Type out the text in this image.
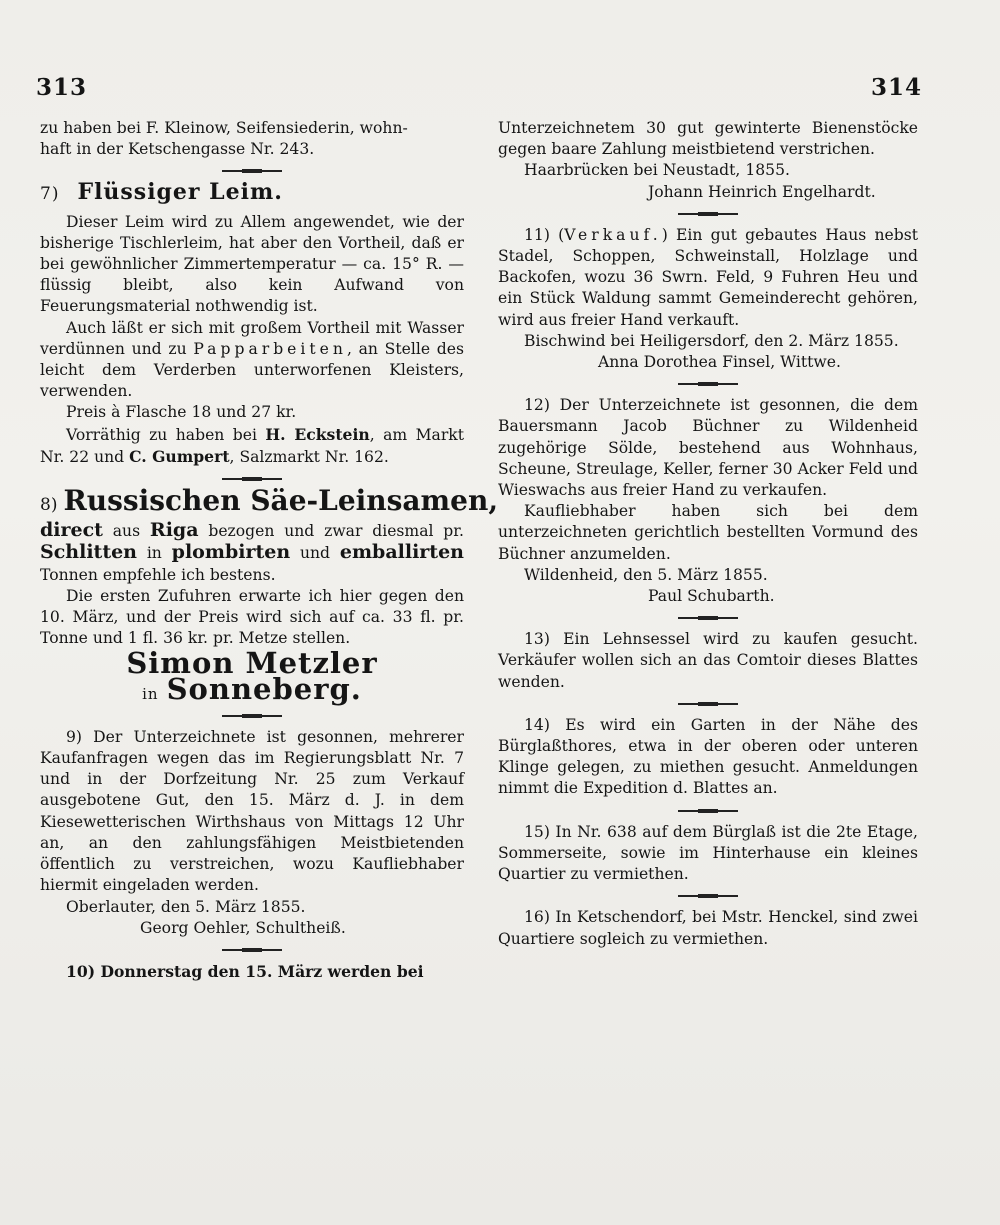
313	314

zu haben bei F. Kleinow, Seifensiederin, wohn-

haft in der Ketschengasse Nr. 243.

7) Flüssiger Leim.

Dieser Leim wird zu Allem angewendet, wie der bisherige Tischlerleim, hat aber den Vortheil, daß er bei gewöhnlicher Zimmertemperatur — ca. 15° R. — flüssig bleibt, also kein Aufwand von Feuerungsmaterial nothwendig ist.

Auch läßt er sich mit großem Vortheil mit Wasser verdünnen und zu Papparbeiten, an Stelle des leicht dem Verderben unterworfenen Kleisters, verwenden.

Preis à Flasche 18 und 27 kr.

Vorräthig zu haben bei H. Eckstein, am Markt Nr. 22 und C. Gumpert, Salzmarkt Nr. 162.

8) Russischen Säe-Leinsamen,

direct aus Riga bezogen und zwar diesmal pr. Schlitten in plombirten und emballirten Tonnen empfehle ich bestens.

Die ersten Zufuhren erwarte ich hier gegen den 10. März, und der Preis wird sich auf ca. 33 fl. pr. Tonne und 1 fl. 36 kr. pr. Metze stellen.

Simon Metzler
in Sonneberg.

9) Der Unterzeichnete ist gesonnen, mehrerer Kaufanfragen wegen das im Regierungsblatt Nr. 7 und in der Dorfzeitung Nr. 25 zum Verkauf ausgebotene Gut, den 15. März d. J. in dem Kiesewetterischen Wirthshaus von Mittags 12 Uhr an, an den zahlungsfähigen Meistbietenden öffentlich zu verstreichen, wozu Kaufliebhaber hiermit eingeladen werden.

Oberlauter, den 5. März 1855.

Georg Oehler, Schultheiß.

10) Donnerstag den 15. März werden bei

Unterzeichnetem 30 gut gewinterte Bienenstöcke gegen baare Zahlung meistbietend verstrichen.

Haarbrücken bei Neustadt, 1855.

Johann Heinrich Engelhardt.

11) (Verkauf.) Ein gut gebautes Haus nebst Stadel, Schoppen, Schweinstall, Holzlage und Backofen, wozu 36 Swrn. Feld, 9 Fuhren Heu und ein Stück Waldung sammt Gemeinderecht gehören, wird aus freier Hand verkauft.

Bischwind bei Heiligersdorf, den 2. März 1855.

Anna Dorothea Finsel, Wittwe.

12) Der Unterzeichnete ist gesonnen, die dem Bauersmann Jacob Büchner zu Wildenheid zugehörige Sölde, bestehend aus Wohnhaus, Scheune, Streulage, Keller, ferner 30 Acker Feld und Wieswachs aus freier Hand zu verkaufen.

Kaufliebhaber haben sich bei dem unterzeichneten gerichtlich bestellten Vormund des Büchner anzumelden.

Wildenheid, den 5. März 1855.

Paul Schubarth.

13) Ein Lehnsessel wird zu kaufen gesucht. Verkäufer wollen sich an das Comtoir dieses Blattes wenden.

14) Es wird ein Garten in der Nähe des Bürglaßthores, etwa in der oberen oder unteren Klinge gelegen, zu miethen gesucht. Anmeldungen nimmt die Expedition d. Blattes an.

15) In Nr. 638 auf dem Bürglaß ist die 2te Etage, Sommerseite, sowie im Hinterhause ein kleines Quartier zu vermiethen.

16) In Ketschendorf, bei Mstr. Henckel, sind zwei Quartiere sogleich zu vermiethen.
